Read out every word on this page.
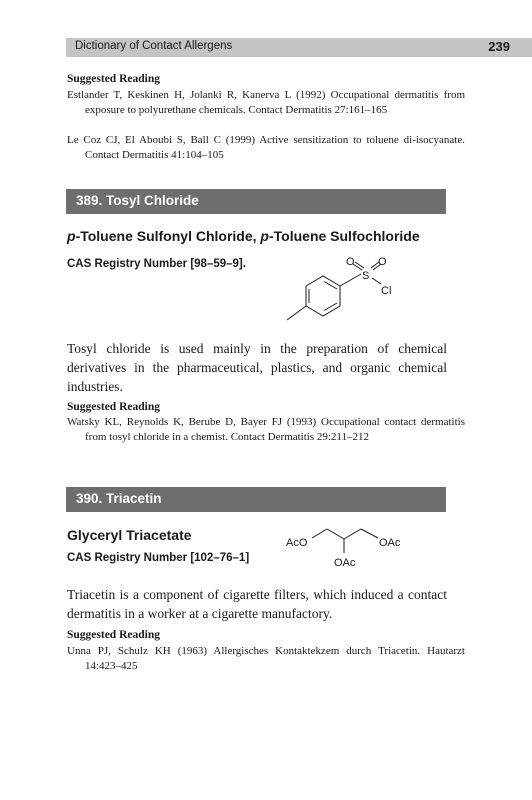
Dictionary of Contact Allergens	239
Suggested Reading
Estlander T, Keskinen H, Jolanki R, Kanerva L (1992) Occupational dermatitis from exposure to polyurethane chemicals. Contact Dermatitis 27:161–165
Le Coz CJ, El Aboubi S, Ball C (1999) Active sensitization to toluene di-isocyanate. Contact Dermatitis 41:104–105
389. Tosyl Chloride
p-Toluene Sulfonyl Chloride, p-Toluene Sulfochloride
CAS Registry Number [98–59–9].	O O
S
Cl
Tosyl chloride is used mainly in the preparation of chemical derivatives in the pharmaceutical, plastics, and organic chemical industries.
Suggested Reading
Watsky KL, Reynolds K, Berube D, Bayer FJ (1993) Occupational contact dermatitis from tosyl chloride in a chemist. Contact Dermatitis 29:211–212
390. Triacetin
Glyceryl Triacetate
CAS Registry Number [102–76–1]
AcO	OAc
OAc
Triacetin is a component of cigarette filters, which induced a contact dermatitis in a worker at a cigarette manufactory.
Suggested Reading
Unna PJ, Schulz KH (1963) Allergisches Kontaktekzem durch Triacetin. Hautarzt 14:423–425
